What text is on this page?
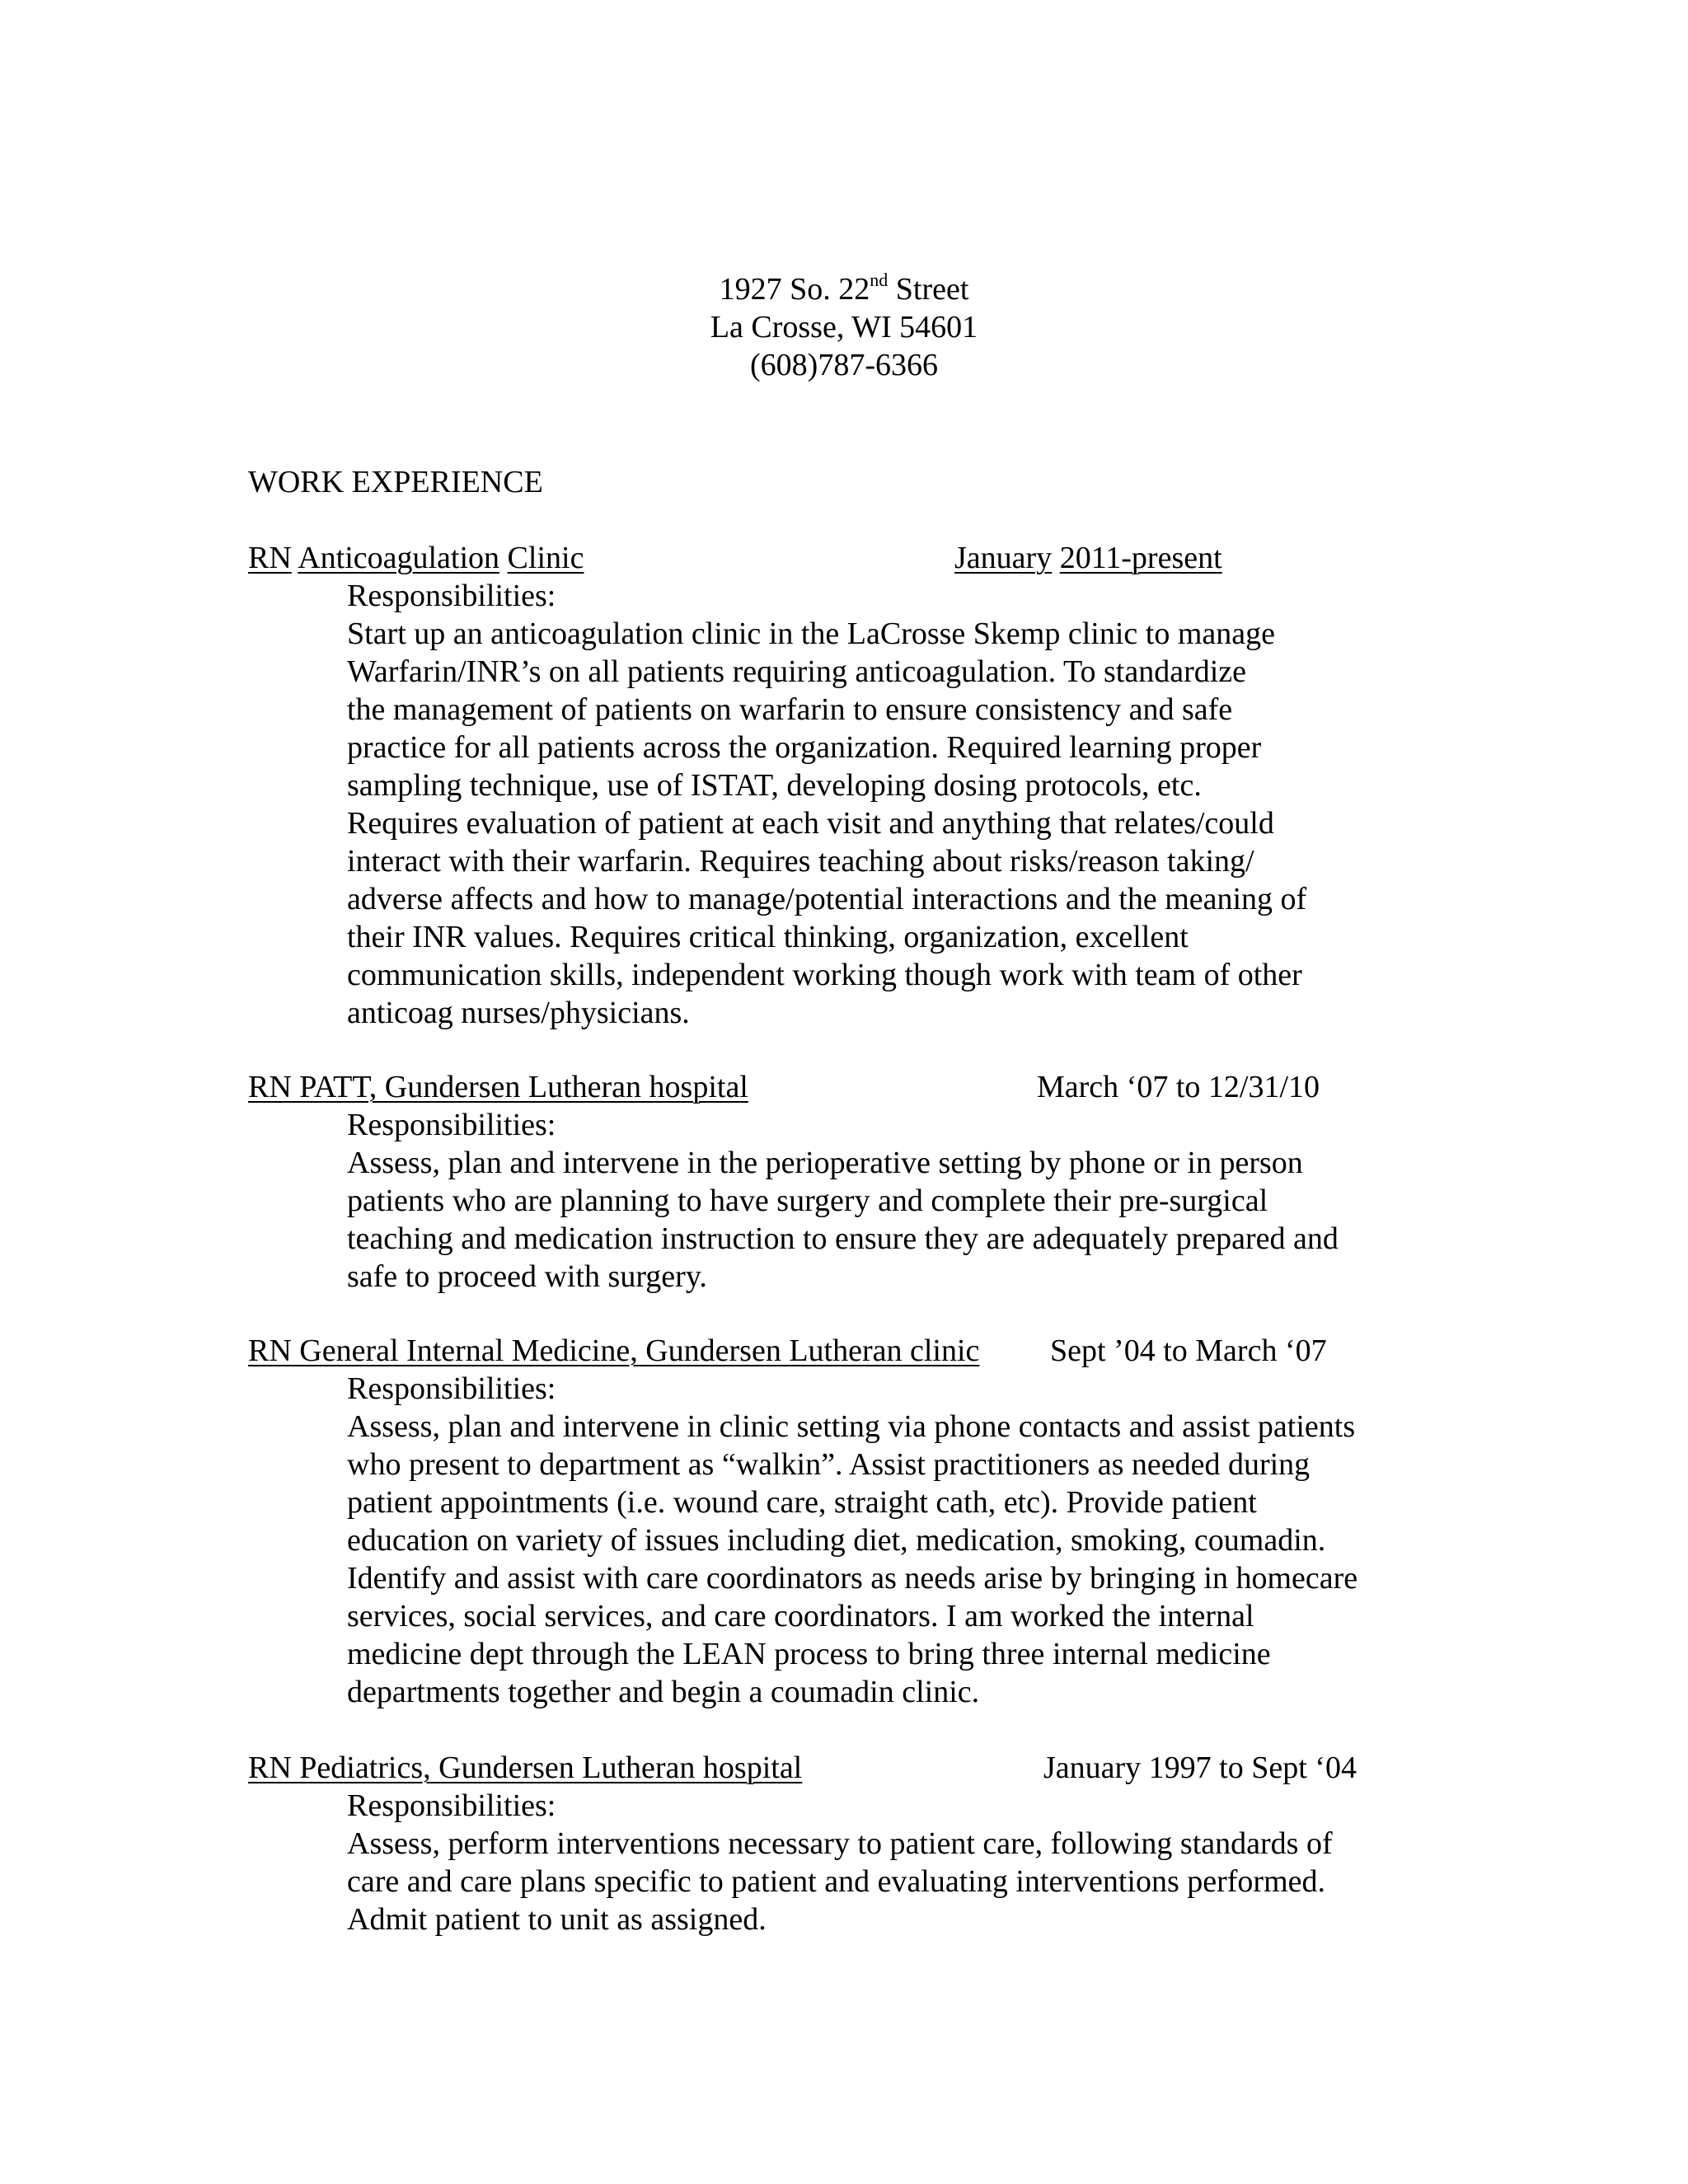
1927 So. 22nd Street
La Crosse, WI 54601
(608)787-6366
WORK EXPERIENCE
RN Anticoagulation Clinic	January 2011-present
Responsibilities:
Start up an anticoagulation clinic in the LaCrosse Skemp clinic to manage
Warfarin/INR’s on all patients requiring anticoagulation. To standardize
the management of patients on warfarin to ensure consistency and safe
practice for all patients across the organization. Required learning proper
sampling technique, use of ISTAT, developing dosing protocols, etc.
Requires evaluation of patient at each visit and anything that relates/could
interact with their warfarin. Requires teaching about risks/reason taking/
adverse affects and how to manage/potential interactions and the meaning of
their INR values. Requires critical thinking, organization, excellent
communication skills, independent working though work with team of other
anticoag nurses/physicians.
RN PATT, Gundersen Lutheran hospital	March ‘07 to 12/31/10
Responsibilities:
Assess, plan and intervene in the perioperative setting by phone or in person
patients who are planning to have surgery and complete their pre-surgical
teaching and medication instruction to ensure they are adequately prepared and
safe to proceed with surgery.
RN General Internal Medicine, Gundersen Lutheran clinic Sept ’04 to March ‘07
Responsibilities:
Assess, plan and intervene in clinic setting via phone contacts and assist patients
who present to department as “walkin”. Assist practitioners as needed during
patient appointments (i.e. wound care, straight cath, etc). Provide patient
education on variety of issues including diet, medication, smoking, coumadin.
Identify and assist with care coordinators as needs arise by bringing in homecare
services, social services, and care coordinators. I am worked the internal
medicine dept through the LEAN process to bring three internal medicine
departments together and begin a coumadin clinic.
RN Pediatrics, Gundersen Lutheran hospital	January 1997 to Sept ‘04
Responsibilities:
Assess, perform interventions necessary to patient care, following standards of
care and care plans specific to patient and evaluating interventions performed.
Admit patient to unit as assigned.
